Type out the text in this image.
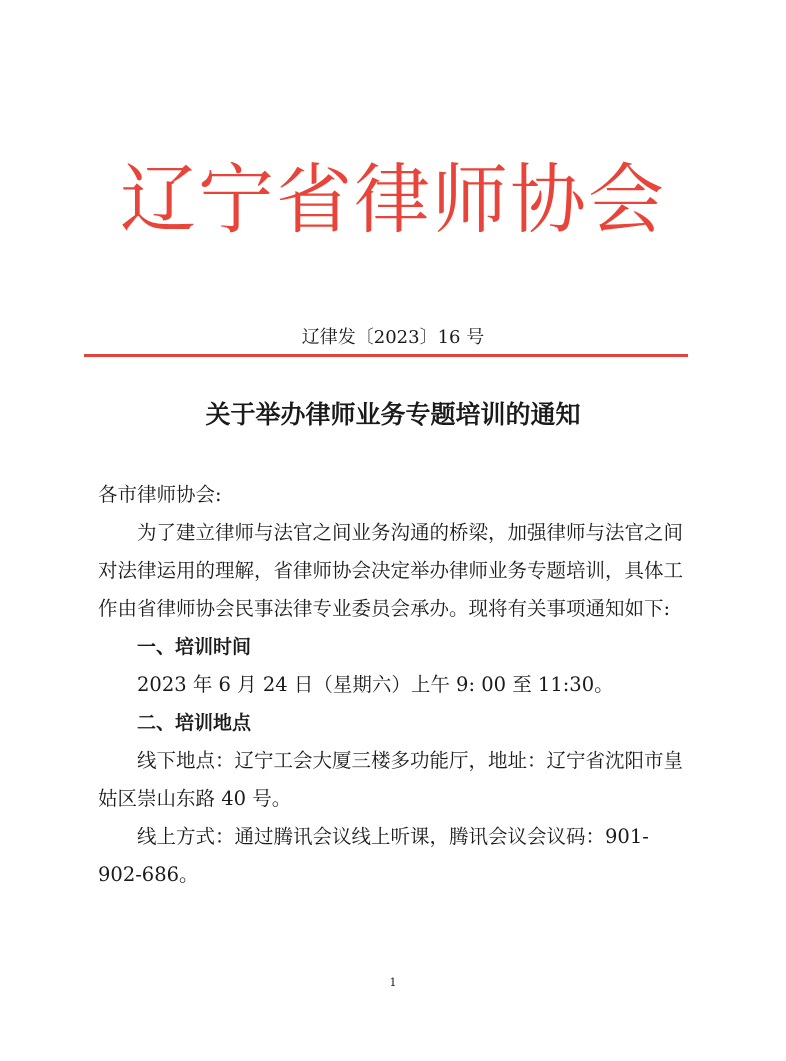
辽宁省律师协会
辽律发〔2023〕16 号
关于举办律师业务专题培训的通知

各市律师协会:

为了建立律师与法官之间业务沟通的桥梁，加强律师与法官之间对法律运用的理解，省律师协会决定举办律师业务专题培训，具体工作由省律师协会民事法律专业委员会承办。现将有关事项通知如下:

一、培训时间

2023 年 6 月 24 日（星期六）上午 9: 00 至 11:30。

二、培训地点

线下地点：辽宁工会大厦三楼多功能厅，地址：辽宁省沈阳市皇姑区崇山东路 40 号。

线上方式：通过腾讯会议线上听课，腾讯会议会议码：901-902-686。

1
